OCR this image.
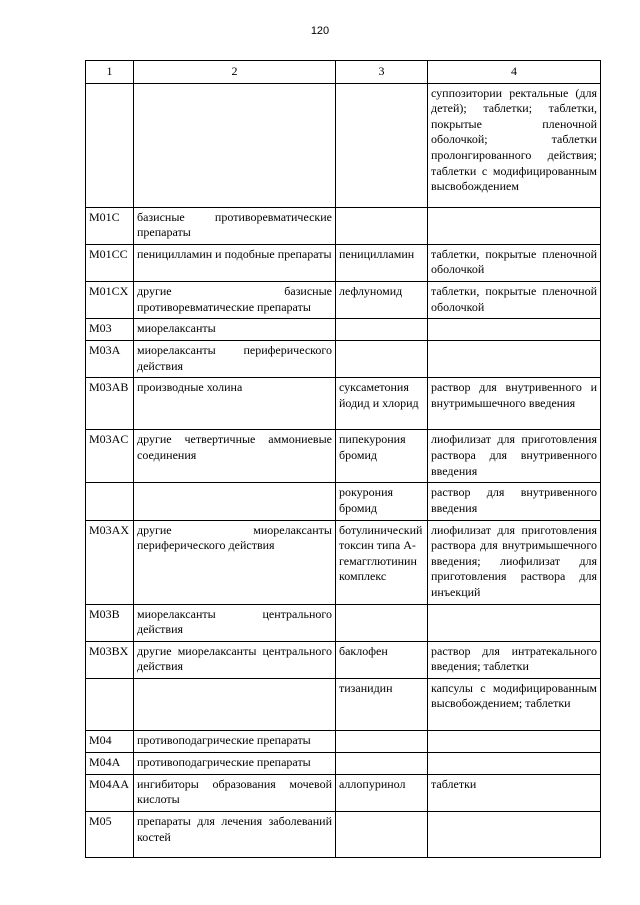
120
1	2	3	4
			суппозитории ректальные (для детей); таблетки; таблетки, покрытые пленочной оболочкой; таблетки пролонгированного действия; таблетки с модифицированным высвобождением
M01C	базисные противоревматические препараты		
M01CC	пеницилламин и подобные препараты	пеницилламин	таблетки, покрытые пленочной оболочкой
M01CX	другие базисные противоревматические препараты	лефлуномид	таблетки, покрытые пленочной оболочкой
M03	миорелаксанты		
M03A	миорелаксанты периферического действия		
M03AB	производные холина	суксаметония йодид и хлорид	раствор для внутривенного и внутримышечного введения
M03AC	другие четвертичные аммониевые соединения	пипекурония бромид	лиофилизат для приготовления раствора для внутривенного введения
		рокурония бромид	раствор для внутривенного введения
M03AX	другие миорелаксанты периферического действия	ботулинический токсин типа A-гемагглютинин комплекс	лиофилизат для приготовления раствора для внутримышечного введения; лиофилизат для приготовления раствора для инъекций
M03B	миорелаксанты центрального действия		
M03BX	другие миорелаксанты центрального действия	баклофен	раствор для интратекального введения; таблетки
		тизанидин	капсулы с модифицированным высвобождением; таблетки
M04	противоподагрические препараты		
M04A	противоподагрические препараты		
M04AA	ингибиторы образования мочевой кислоты	аллопуринол	таблетки
M05	препараты для лечения заболеваний костей		
